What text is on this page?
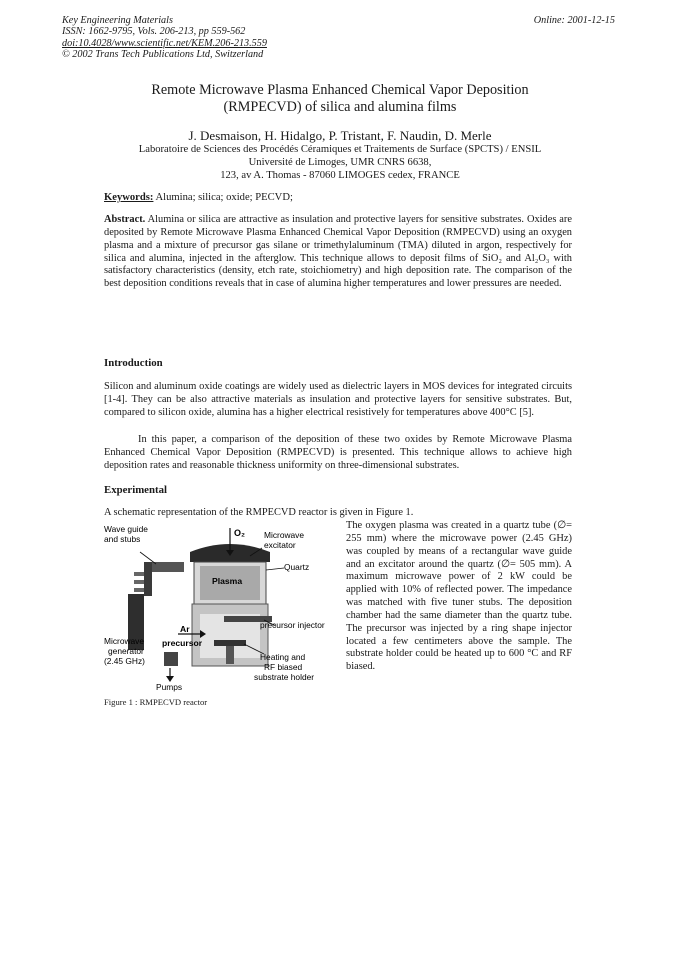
Key Engineering Materials
ISSN: 1662-9795, Vols. 206-213, pp 559-562
doi:10.4028/www.scientific.net/KEM.206-213.559
© 2002 Trans Tech Publications Ltd, Switzerland
Online: 2001-12-15
Remote Microwave Plasma Enhanced Chemical Vapor Deposition
(RMPECVD) of silica and alumina films
J. Desmaison, H. Hidalgo, P. Tristant, F. Naudin, D. Merle
Laboratoire de Sciences des Procédés Céramiques et Traitements de Surface (SPCTS) / ENSIL
Université de Limoges, UMR CNRS 6638,
123, av A. Thomas - 87060 LIMOGES cedex, FRANCE
Keywords: Alumina; silica; oxide; PECVD;
Abstract. Alumina or silica are attractive as insulation and protective layers for sensitive substrates. Oxides are deposited by Remote Microwave Plasma Enhanced Chemical Vapor Deposition (RMPECVD) using an oxygen plasma and a mixture of precursor gas silane or trimethylaluminum (TMA) diluted in argon, respectively for silica and alumina, injected in the afterglow. This technique allows to deposit films of SiO₂ and Al₂O₃ with satisfactory characteristics (density, etch rate, stoichiometry) and high deposition rate. The comparison of the best deposition conditions reveals that in case of alumina higher temperatures and lower pressures are needed.
Introduction
Silicon and aluminum oxide coatings are widely used as dielectric layers in MOS devices for integrated circuits [1-4]. They can be also attractive materials as insulation and protective layers for sensitive substrates. But, compared to silicon oxide, alumina has a higher electrical resistively for temperatures above 400°C [5].
In this paper, a comparison of the deposition of these two oxides by Remote Microwave Plasma Enhanced Chemical Vapor Deposition (RMPECVD) is presented. This technique allows to achieve high deposition rates and reasonable thickness uniformity on three-dimensional substrates.
Experimental
A schematic representation of the RMPECVD reactor is given in Figure 1.
Wave guide
and stubs
O₂ Microwave
excitator
Quartz
Plasma
precursor injector
Ar
precursor
Microwave
generator
(2.45 GHz)	Heating and
RF biased
substrate holder
Pumps
Figure 1 : RMPECVD reactor
The oxygen plasma was created in a quartz tube (∅= 255 mm) where the microwave power (2.45 GHz) was coupled by means of a rectangular wave guide and an excitator around the quartz (∅= 505 mm). A maximum microwave power of 2 kW could be applied with 10% of reflected power. The impedance was matched with five tuner stubs. The deposition chamber had the same diameter than the quartz tube. The precursor was injected by a ring shape injector located a few centimeters above the sample. The substrate holder could be heated up to 600 °C and RF biased.
